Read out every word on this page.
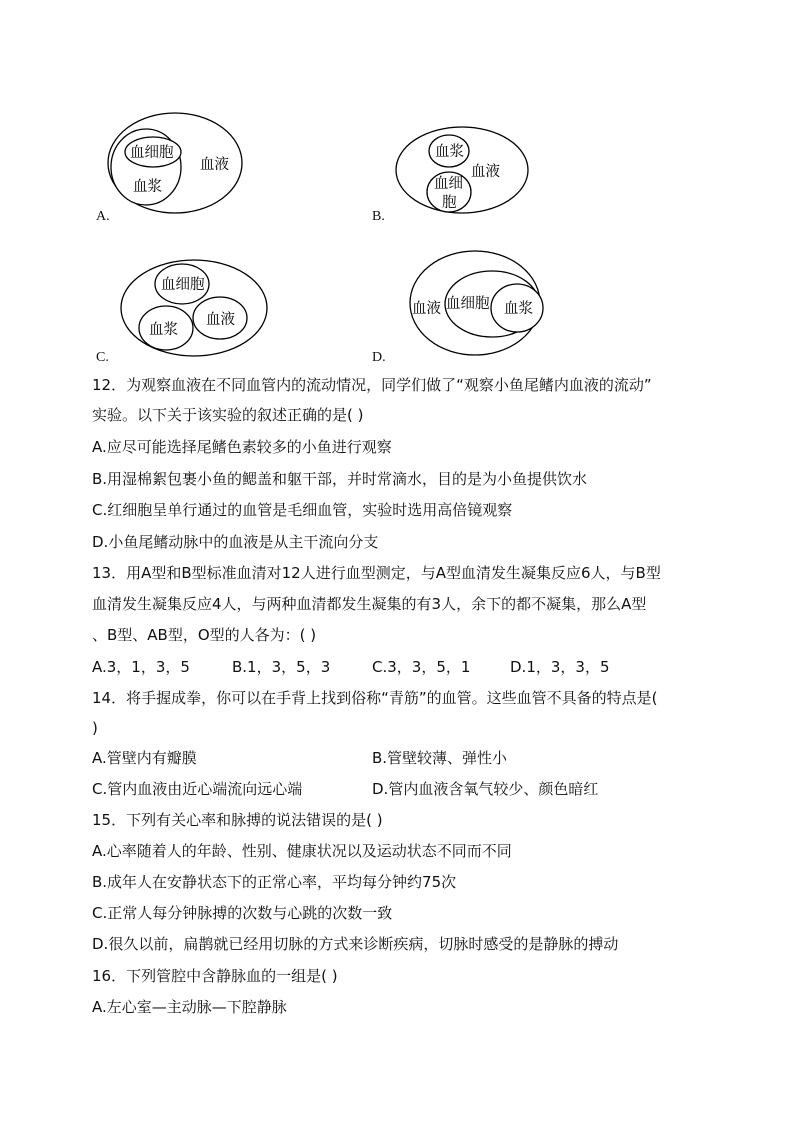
血细胞
血浆
血液
A.
血浆
血液
血细
胞
B.
血细胞
血浆
血液
C.
血液 血细胞 血浆
D.
12．为观察血液在不同血管内的流动情况，同学们做了“观察小鱼尾鳍内血液的流动”
实验。以下关于该实验的叙述正确的是( )
A.应尽可能选择尾鳍色素较多的小鱼进行观察
B.用湿棉絮包裹小鱼的鳃盖和躯干部，并时常滴水，目的是为小鱼提供饮水
C.红细胞呈单行通过的血管是毛细血管，实验时选用高倍镜观察
D.小鱼尾鳍动脉中的血液是从主干流向分支
13．用A型和B型标准血清对12人进行血型测定，与A型血清发生凝集反应6人，与B型
血清发生凝集反应4人，与两种血清都发生凝集的有3人，余下的都不凝集，那么A型
、B型、AB型，O型的人各为：( )
A.3，1，3，5	B.1，3，5，3	C.3，3，5，1	D.1，3，3，5
14．将手握成拳，你可以在手背上找到俗称“青筋”的血管。这些血管不具备的特点是(
)
A.管壁内有瓣膜	B.管壁较薄、弹性小
C.管内血液由近心端流向远心端	D.管内血液含氧气较少、颜色暗红
15．下列有关心率和脉搏的说法错误的是( )
A.心率随着人的年龄、性别、健康状况以及运动状态不同而不同
B.成年人在安静状态下的正常心率，平均每分钟约75次
C.正常人每分钟脉搏的次数与心跳的次数一致
D.很久以前，扁鹊就已经用切脉的方式来诊断疾病，切脉时感受的是静脉的搏动
16．下列管腔中含静脉血的一组是( )
A.左心室—主动脉—下腔静脉
